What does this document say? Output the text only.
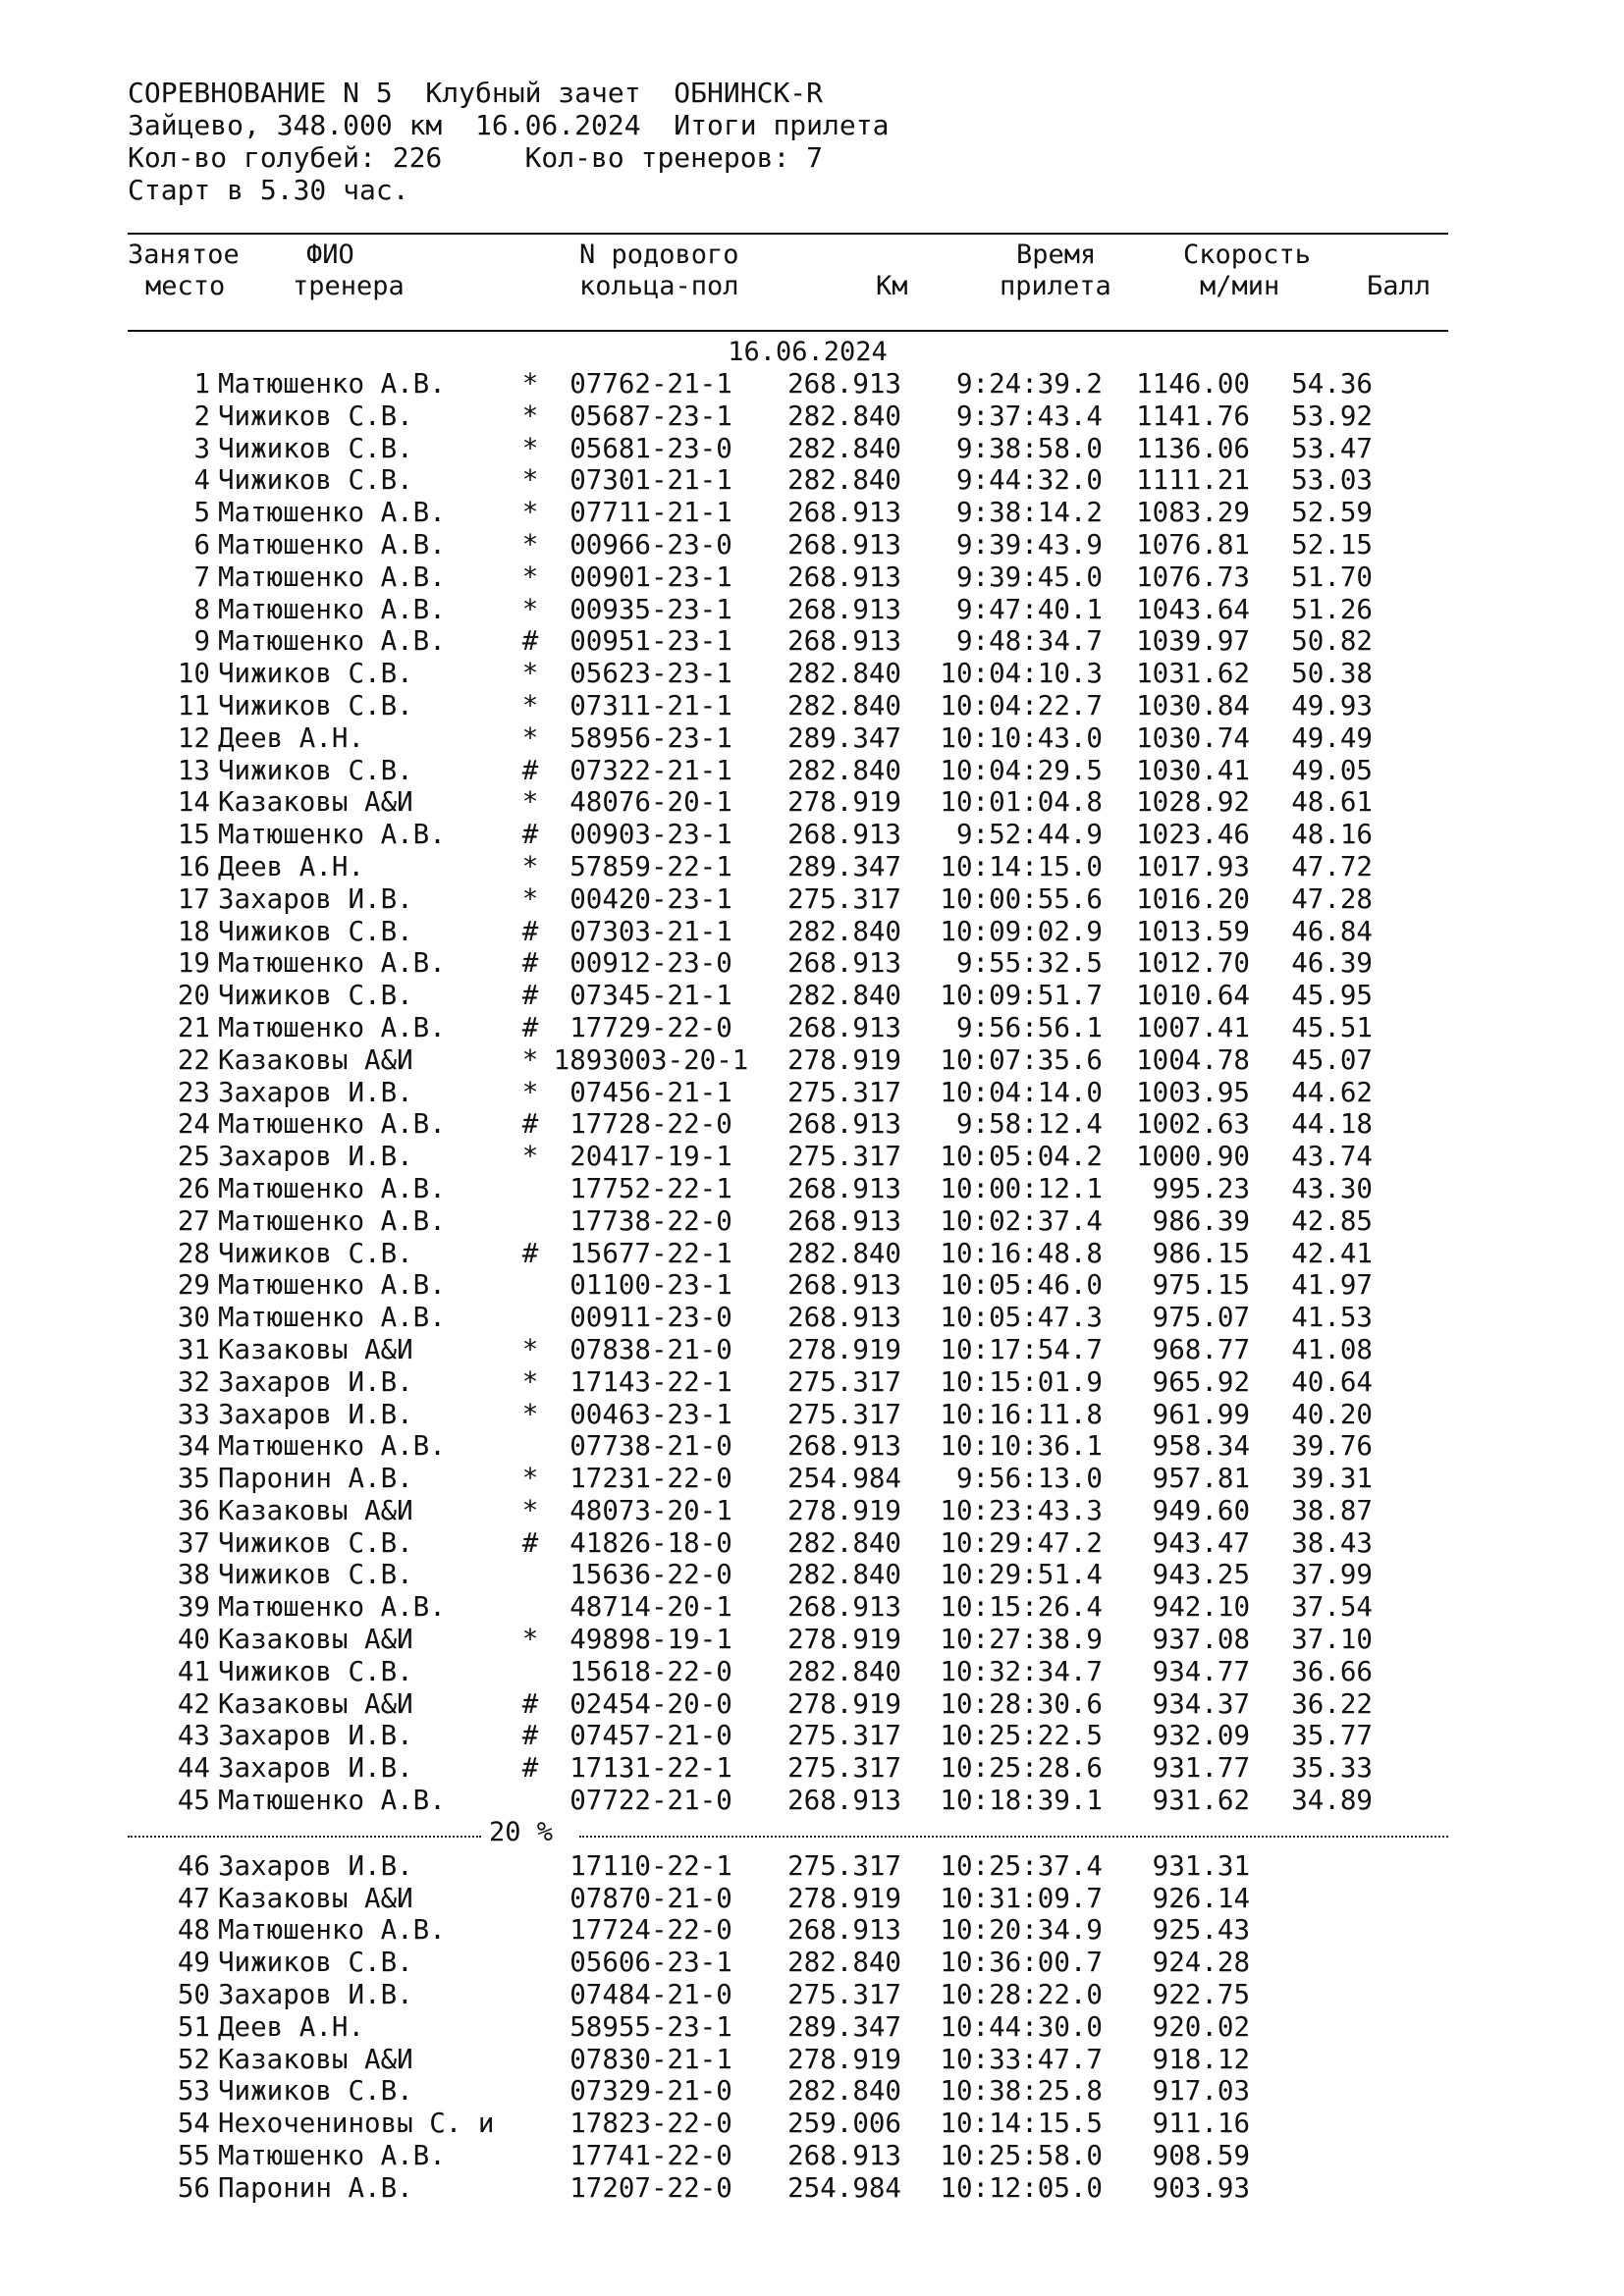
СОРЕВНОВАНИЕ N 5  Клубный зачет  ОБНИНСК-R
Зайцево, 348.000 км  16.06.2024  Итоги прилета
Кол-во голубей: 226     Кол-во тренеров: 7
Старт в 5.30 час.
Занятое
место
ФИО
тренера
N родового
кольца-пол	Км
Время
прилета
Скорость
м/мин	Балл
16.06.2024
1	Матюшенко А.В.	*	07762-21-1	268.913	9:24:39.2	1146.00	54.36
2	Чижиков С.В.	*	05687-23-1	282.840	9:37:43.4	1141.76	53.92
3	Чижиков С.В.	*	05681-23-0	282.840	9:38:58.0	1136.06	53.47
4	Чижиков С.В.	*	07301-21-1	282.840	9:44:32.0	1111.21	53.03
5	Матюшенко А.В.	*	07711-21-1	268.913	9:38:14.2	1083.29	52.59
6	Матюшенко А.В.	*	00966-23-0	268.913	9:39:43.9	1076.81	52.15
7	Матюшенко А.В.	*	00901-23-1	268.913	9:39:45.0	1076.73	51.70
8	Матюшенко А.В.	*	00935-23-1	268.913	9:47:40.1	1043.64	51.26
9	Матюшенко А.В.	#	00951-23-1	268.913	9:48:34.7	1039.97	50.82
10	Чижиков С.В.	*	05623-23-1	282.840	10:04:10.3	1031.62	50.38
11	Чижиков С.В.	*	07311-21-1	282.840	10:04:22.7	1030.84	49.93
12	Деев А.Н.	*	58956-23-1	289.347	10:10:43.0	1030.74	49.49
13	Чижиков С.В.	#	07322-21-1	282.840	10:04:29.5	1030.41	49.05
14	Казаковы А&И	*	48076-20-1	278.919	10:01:04.8	1028.92	48.61
15	Матюшенко А.В.	#	00903-23-1	268.913	9:52:44.9	1023.46	48.16
16	Деев А.Н.	*	57859-22-1	289.347	10:14:15.0	1017.93	47.72
17	Захаров И.В.	*	00420-23-1	275.317	10:00:55.6	1016.20	47.28
18	Чижиков С.В.	#	07303-21-1	282.840	10:09:02.9	1013.59	46.84
19	Матюшенко А.В.	#	00912-23-0	268.913	9:55:32.5	1012.70	46.39
20	Чижиков С.В.	#	07345-21-1	282.840	10:09:51.7	1010.64	45.95
21	Матюшенко А.В.	#	17729-22-0	268.913	9:56:56.1	1007.41	45.51
22	Казаковы А&И	*	1893003-20-1	278.919	10:07:35.6	1004.78	45.07
23	Захаров И.В.	*	07456-21-1	275.317	10:04:14.0	1003.95	44.62
24	Матюшенко А.В.	#	17728-22-0	268.913	9:58:12.4	1002.63	44.18
25	Захаров И.В.	*	20417-19-1	275.317	10:05:04.2	1000.90	43.74
26	Матюшенко А.В.		17752-22-1	268.913	10:00:12.1	995.23	43.30
27	Матюшенко А.В.		17738-22-0	268.913	10:02:37.4	986.39	42.85
28	Чижиков С.В.	#	15677-22-1	282.840	10:16:48.8	986.15	42.41
29	Матюшенко А.В.		01100-23-1	268.913	10:05:46.0	975.15	41.97
30	Матюшенко А.В.		00911-23-0	268.913	10:05:47.3	975.07	41.53
31	Казаковы А&И	*	07838-21-0	278.919	10:17:54.7	968.77	41.08
32	Захаров И.В.	*	17143-22-1	275.317	10:15:01.9	965.92	40.64
33	Захаров И.В.	*	00463-23-1	275.317	10:16:11.8	961.99	40.20
34	Матюшенко А.В.		07738-21-0	268.913	10:10:36.1	958.34	39.76
35	Паронин А.В.	*	17231-22-0	254.984	9:56:13.0	957.81	39.31
36	Казаковы А&И	*	48073-20-1	278.919	10:23:43.3	949.60	38.87
37	Чижиков С.В.	#	41826-18-0	282.840	10:29:47.2	943.47	38.43
38	Чижиков С.В.		15636-22-0	282.840	10:29:51.4	943.25	37.99
39	Матюшенко А.В.		48714-20-1	268.913	10:15:26.4	942.10	37.54
40	Казаковы А&И	*	49898-19-1	278.919	10:27:38.9	937.08	37.10
41	Чижиков С.В.		15618-22-0	282.840	10:32:34.7	934.77	36.66
42	Казаковы А&И	#	02454-20-0	278.919	10:28:30.6	934.37	36.22
43	Захаров И.В.	#	07457-21-0	275.317	10:25:22.5	932.09	35.77
44	Захаров И.В.	#	17131-22-1	275.317	10:25:28.6	931.77	35.33
45	Матюшенко А.В.		07722-21-0	268.913	10:18:39.1	931.62	34.89
20 %
46	Захаров И.В.		17110-22-1	275.317	10:25:37.4	931.31	
47	Казаковы А&И		07870-21-0	278.919	10:31:09.7	926.14	
48	Матюшенко А.В.		17724-22-0	268.913	10:20:34.9	925.43	
49	Чижиков С.В.		05606-23-1	282.840	10:36:00.7	924.28	
50	Захаров И.В.		07484-21-0	275.317	10:28:22.0	922.75	
51	Деев А.Н.		58955-23-1	289.347	10:44:30.0	920.02	
52	Казаковы А&И		07830-21-1	278.919	10:33:47.7	918.12	
53	Чижиков С.В.		07329-21-0	282.840	10:38:25.8	917.03	
54	Нехочениновы С. и		17823-22-0	259.006	10:14:15.5	911.16	
55	Матюшенко А.В.		17741-22-0	268.913	10:25:58.0	908.59	
56	Паронин А.В.		17207-22-0	254.984	10:12:05.0	903.93	
